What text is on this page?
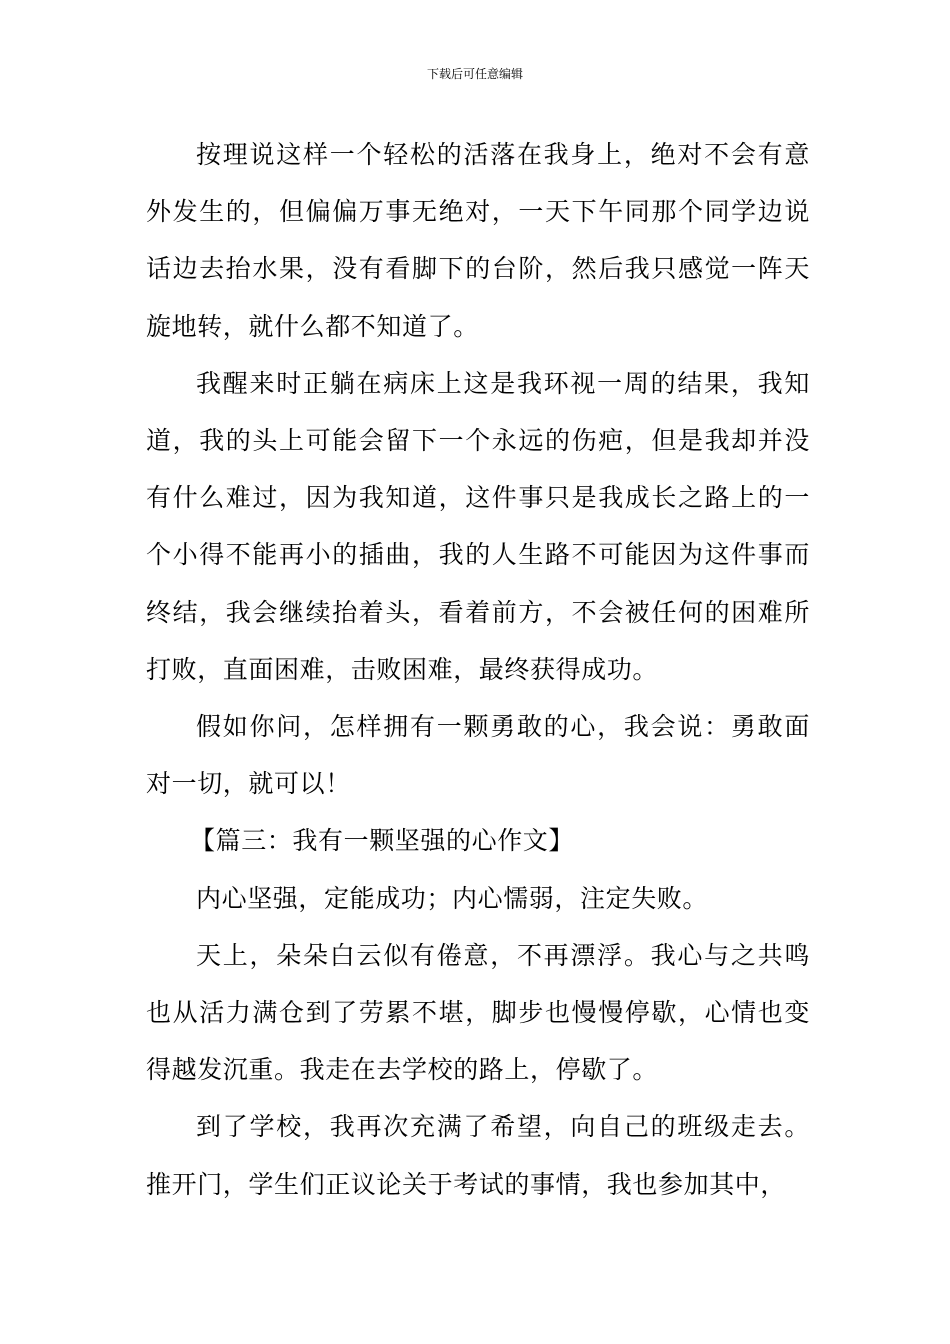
下载后可任意编辑

按理说这样一个轻松的活落在我身上，绝对不会有意外发生的，但偏偏万事无绝对，一天下午同那个同学边说话边去抬水果，没有看脚下的台阶，然后我只感觉一阵天旋地转，就什么都不知道了。

我醒来时正躺在病床上这是我环视一周的结果，我知道，我的头上可能会留下一个永远的伤疤，但是我却并没有什么难过，因为我知道，这件事只是我成长之路上的一个小得不能再小的插曲，我的人生路不可能因为这件事而终结，我会继续抬着头，看着前方，不会被任何的困难所打败，直面困难，击败困难，最终获得成功。

假如你问，怎样拥有一颗勇敢的心，我会说：勇敢面对一切，就可以！

【篇三：我有一颗坚强的心作文】

内心坚强，定能成功；内心懦弱，注定失败。

天上，朵朵白云似有倦意，不再漂浮。我心与之共鸣也从活力满仓到了劳累不堪，脚步也慢慢停歇，心情也变得越发沉重。我走在去学校的路上，停歇了。

到了学校，我再次充满了希望，向自己的班级走去。推开门，学生们正议论关于考试的事情，我也参加其中，
